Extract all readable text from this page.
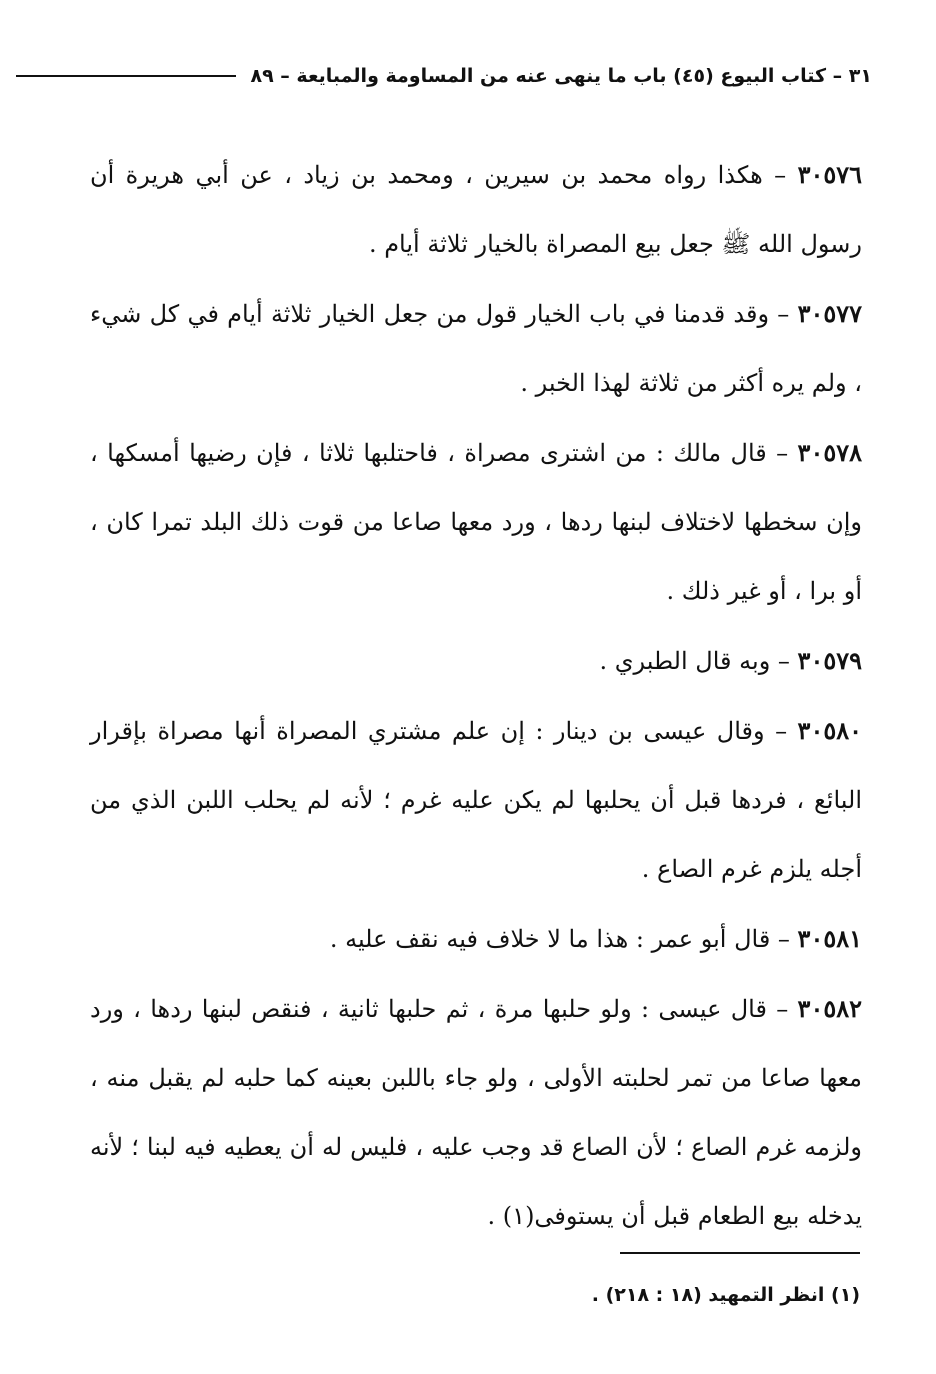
٣١ – كتاب البيوع (٤٥) باب ما ينهى عنه من المساومة والمبايعة – ٨٩

٣٠٥٧٦ – هكذا رواه محمد بن سيرين ، ومحمد بن زياد ، عن أبي هريرة أن رسول الله ﷺ جعل بيع المصراة بالخيار ثلاثة أيام .

٣٠٥٧٧ – وقد قدمنا في باب الخيار قول من جعل الخيار ثلاثة أيام في كل شيء ، ولم يره أكثر من ثلاثة لهذا الخبر .

٣٠٥٧٨ – قال مالك : من اشترى مصراة ، فاحتلبها ثلاثا ، فإن رضيها أمسكها ، وإن سخطها لاختلاف لبنها ردها ، ورد معها صاعا من قوت ذلك البلد تمرا كان ، أو برا ، أو غير ذلك .

٣٠٥٧٩ – وبه قال الطبري .

٣٠٥٨٠ – وقال عيسى بن دينار : إن علم مشتري المصراة أنها مصراة بإقرار البائع ، فردها قبل أن يحلبها لم يكن عليه غرم ؛ لأنه لم يحلب اللبن الذي من أجله يلزم غرم الصاع .

٣٠٥٨١ – قال أبو عمر : هذا ما لا خلاف فيه نقف عليه .

٣٠٥٨٢ – قال عيسى : ولو حلبها مرة ، ثم حلبها ثانية ، فنقص لبنها ردها ، ورد معها صاعا من تمر لحلبته الأولى ، ولو جاء باللبن بعينه كما حلبه لم يقبل منه ، ولزمه غرم الصاع ؛ لأن الصاع قد وجب عليه ، فليس له أن يعطيه فيه لبنا ؛ لأنه يدخله بيع الطعام قبل أن يستوفى(١) .

(١) انظر التمهيد (١٨ : ٢١٨) .
